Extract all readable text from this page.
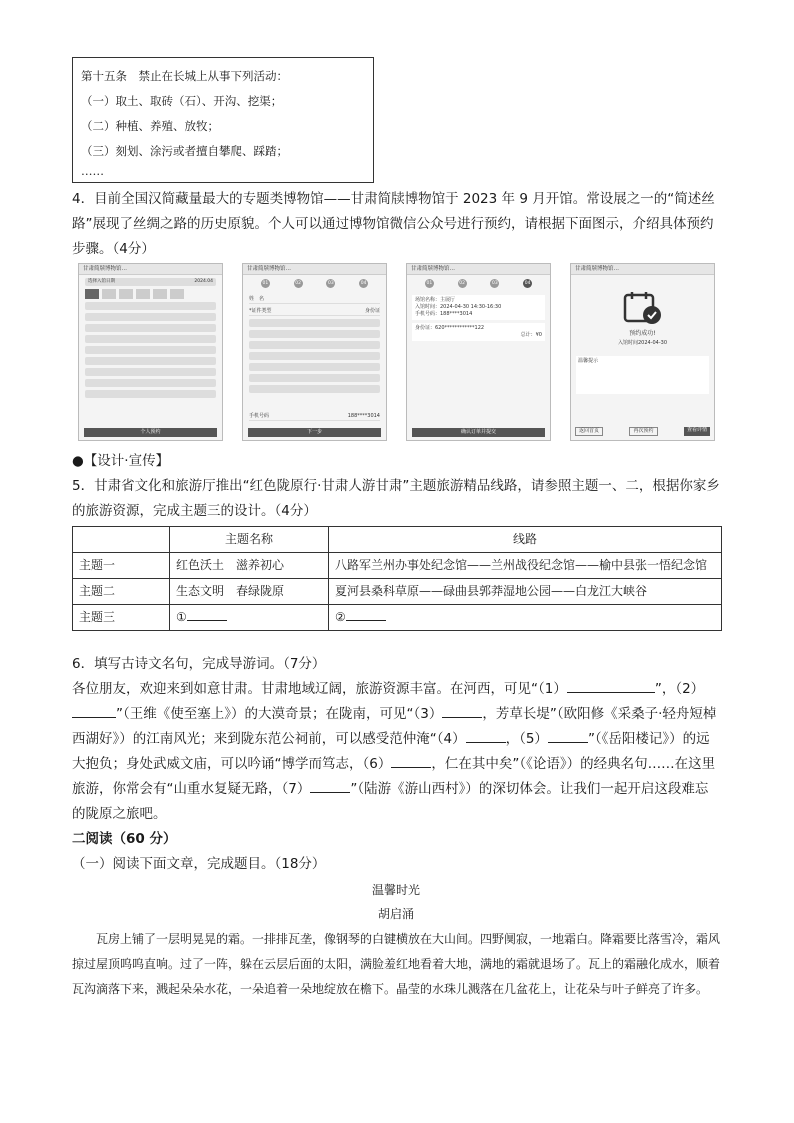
第十五条　禁止在长城上从事下列活动：
（一）取土、取砖（石）、开沟、挖渠；
（二）种植、养殖、放牧；
（三）刻划、涂污或者擅自攀爬、踩踏；
……
4．目前全国汉简藏量最大的专题类博物馆——甘肃简牍博物馆于 2023 年 9 月开馆。常设展之一的“简述丝路”展现了丝绸之路的历史原貌。个人可以通过博物馆微信公众号进行预约，请根据下面图示，介绍具体预约步骤。（4分）
甘肃简牍博物馆…
选择入馆日期	2024.04
个人预约
甘肃简牍博物馆…
01	02	03	04
姓　名
*证件类型	身份证
手机号码	188****3014
下一步
甘肃简牍博物馆…
01	02	03	04
场馆名称：主展厅
入馆时间：2024-04-30 14:30-16:30
手机号码：188****3014
身份证：620************122
总计：¥0
确认订单并提交
甘肃简牍博物馆…
预约成功!
入馆时间2024-04-30
温馨提示
返回首页	再次预约	查看详情
●【设计·宣传】
5．甘肃省文化和旅游厅推出“红色陇原行·甘肃人游甘肃”主题旅游精品线路，请参照主题一、二，根据你家乡的旅游资源，完成主题三的设计。（4分）
	主题名称	线路
主题一	红色沃土　滋养初心	八路军兰州办事处纪念馆——兰州战役纪念馆——榆中县张一悟纪念馆
主题二	生态文明　春绿陇原	夏河县桑科草原——碌曲县郭莽湿地公园——白龙江大峡谷
主题三	①	②
6．填写古诗文名句，完成导游词。（7分）
各位朋友，欢迎来到如意甘肃。甘肃地域辽阔，旅游资源丰富。在河西，可见“（1）	”，（2）”（王维《使至塞上》）的大漠奇景；在陇南，可见“（3）	，芳草长堤”（欧阳修《采桑子·轻舟短棹西湖好》）的江南风光；来到陇东范公祠前，可以感受范仲淹“（4）	，（5）	”（《岳阳楼记》）的远大抱负；身处武威文庙，可以吟诵“博学而笃志，（6）	，仁在其中矣”（《论语》）的经典名句……在这里旅游，你常会有“山重水复疑无路，（7）	”（陆游《游山西村》）的深切体会。让我们一起开启这段难忘的陇原之旅吧。
二阅读（60 分）
（一）阅读下面文章，完成题目。（18分）
温馨时光
胡启涌
瓦房上铺了一层明晃晃的霜。一排排瓦垄，像钢琴的白键横放在大山间。四野阒寂，一地霜白。降霜要比落雪冷，霜风掠过屋顶呜呜直响。过了一阵，躲在云层后面的太阳，满脸羞红地看着大地，满地的霜就退场了。瓦上的霜融化成水，顺着瓦沟滴落下来，溅起朵朵水花，一朵追着一朵地绽放在檐下。晶莹的水珠儿溅落在几盆花上，让花朵与叶子鲜亮了许多。
